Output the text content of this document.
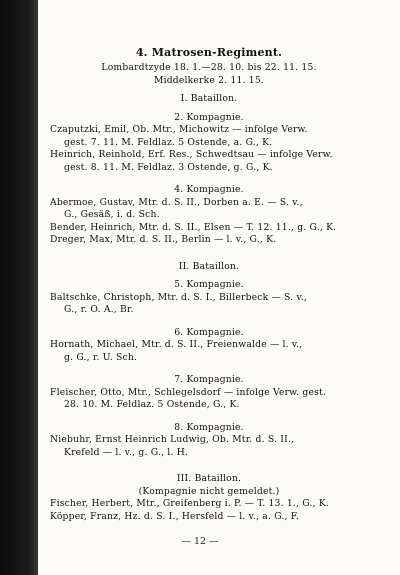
4. Matrosen-Regiment.
Lombardtzyde 18. 1.—28. 10. bis 22. 11. 15.
Middelkerke 2. 11. 15.
I. Bataillon.
2. Kompagnie.
Czaputzki, Emil, Ob. Mtr., Michowitz — infolge Verw.
gest. 7. 11. M. Feldlaz. 5 Ostende, a. G., K.
Heinrich, Reinhold, Erf. Res., Schwedtsau — infolge Verw.
gest. 8. 11. M. Feldlaz. 3 Ostende, g. G., K.
4. Kompagnie.
Abermoe, Gustav, Mtr. d. S. II., Dorben a. E. — S. v.,
G., Gesäß, i. d. Sch.
Bender, Heinrich, Mtr. d. S. II., Elsen — T. 12. 11., g. G., K.
Dreger, Max, Mtr. d. S. II., Berlin — l. v., G., K.
II. Bataillon.
5. Kompagnie.
Baltschke, Christoph, Mtr. d. S. I., Billerbeck — S. v.,
G., r. O. A., Br.
6. Kompagnie.
Hornath, Michael, Mtr. d. S. II., Freienwalde — l. v.,
g. G., r. U. Sch.
7. Kompagnie.
Fleischer, Otto, Mtr., Schlegelsdorf — infolge Verw. gest.
28. 10. M. Feldlaz. 5 Ostende, G., K.
8. Kompagnie.
Niebuhr, Ernst Heinrich Ludwig, Ob. Mtr. d. S. II.,
Krefeld — l. v., g. G., l. H.
III. Bataillon.
(Kompagnie nicht gemeldet.)
Fischer, Herbert, Mtr., Greifenberg i. P. — T. 13. 1., G., K.
Köpper, Franz, Hz. d. S. I., Hersfeld — l. v., a. G., F.
— 12 —
